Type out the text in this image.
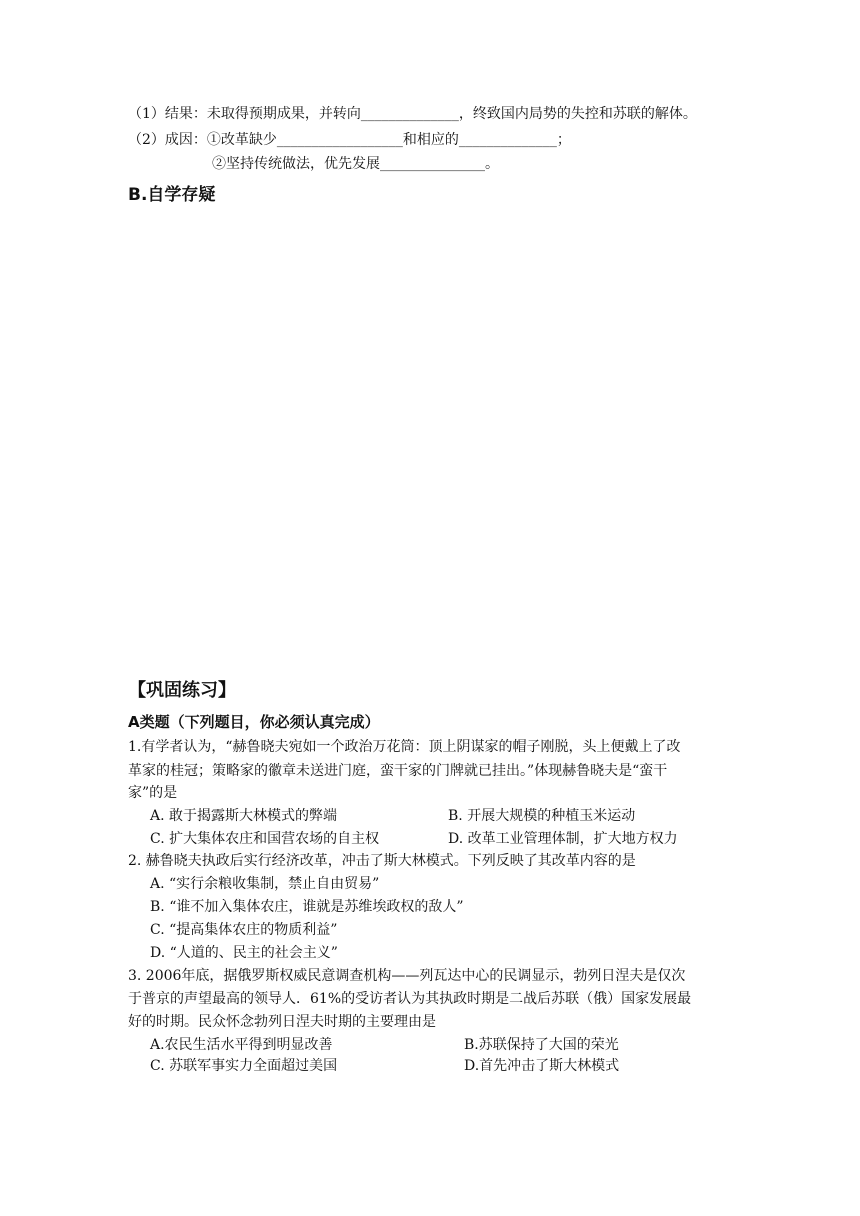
（1）结果：未取得预期成果，并转向______________，终致国内局势的失控和苏联的解体。
（2）成因：①改革缺少__________________和相应的______________；
②坚持传统做法，优先发展_______________。
B.自学存疑
【巩固练习】
A类题（下列题目，你必须认真完成）
1.有学者认为，“赫鲁晓夫宛如一个政治万花筒：顶上阴谋家的帽子刚脱，头上便戴上了改
革家的桂冠；策略家的徽章未送进门庭，蛮干家的门牌就已挂出。”体现赫鲁晓夫是“蛮干
家”的是
A. 敢于揭露斯大林模式的弊端	B. 开展大规模的种植玉米运动
C. 扩大集体农庄和国营农场的自主权	D. 改革工业管理体制，扩大地方权力
2. 赫鲁晓夫执政后实行经济改革，冲击了斯大林模式。下列反映了其改革内容的是
A. “实行余粮收集制，禁止自由贸易”
B. “谁不加入集体农庄，谁就是苏维埃政权的敌人”
C. “提高集体农庄的物质利益”
D. “人道的、民主的社会主义”
3. 2006年底，据俄罗斯权威民意调查机构——列瓦达中心的民调显示，勃列日涅夫是仅次
于普京的声望最高的领导人．61%的受访者认为其执政时期是二战后苏联（俄）国家发展最
好的时期。民众怀念勃列日涅夫时期的主要理由是
A.农民生活水平得到明显改善	B.苏联保持了大国的荣光
C. 苏联军事实力全面超过美国	D.首先冲击了斯大林模式
